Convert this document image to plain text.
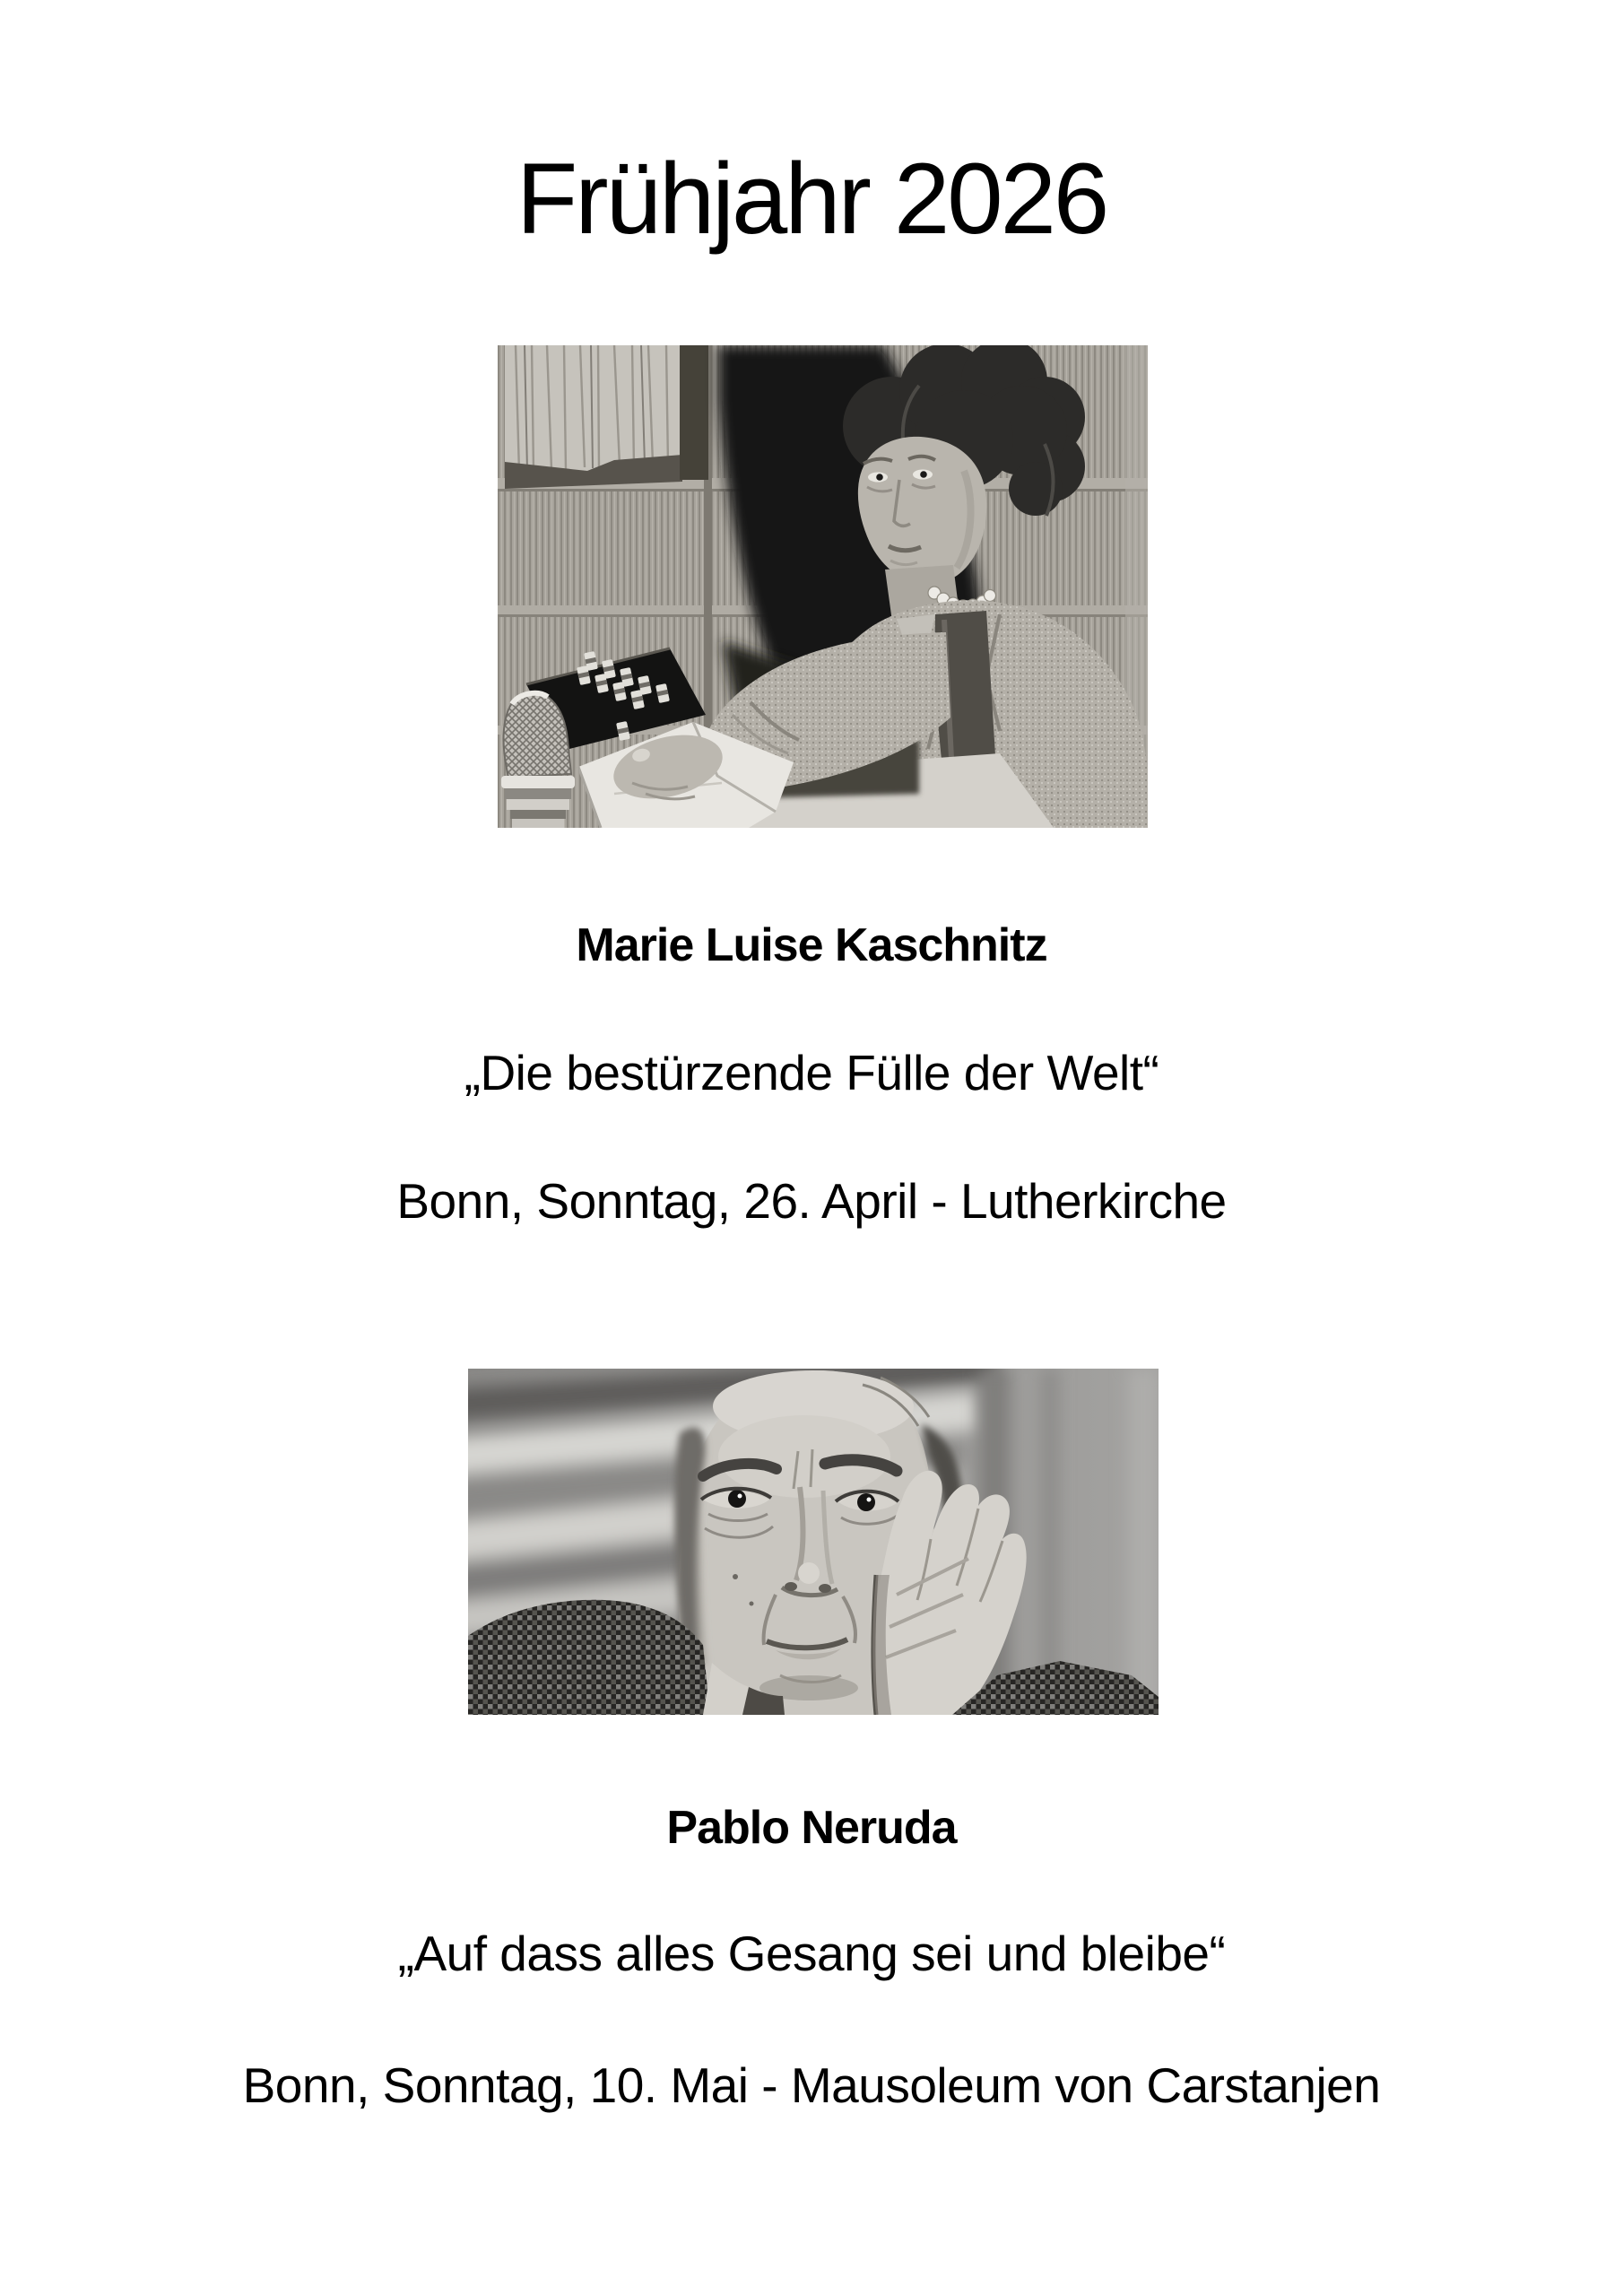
Frühjahr 2026

Marie Luise Kaschnitz

„Die bestürzende Fülle der Welt“

Bonn, Sonntag, 26. April - Lutherkirche

Pablo Neruda

„Auf dass alles Gesang sei und bleibe“

Bonn, Sonntag, 10. Mai - Mausoleum von Carstanjen
